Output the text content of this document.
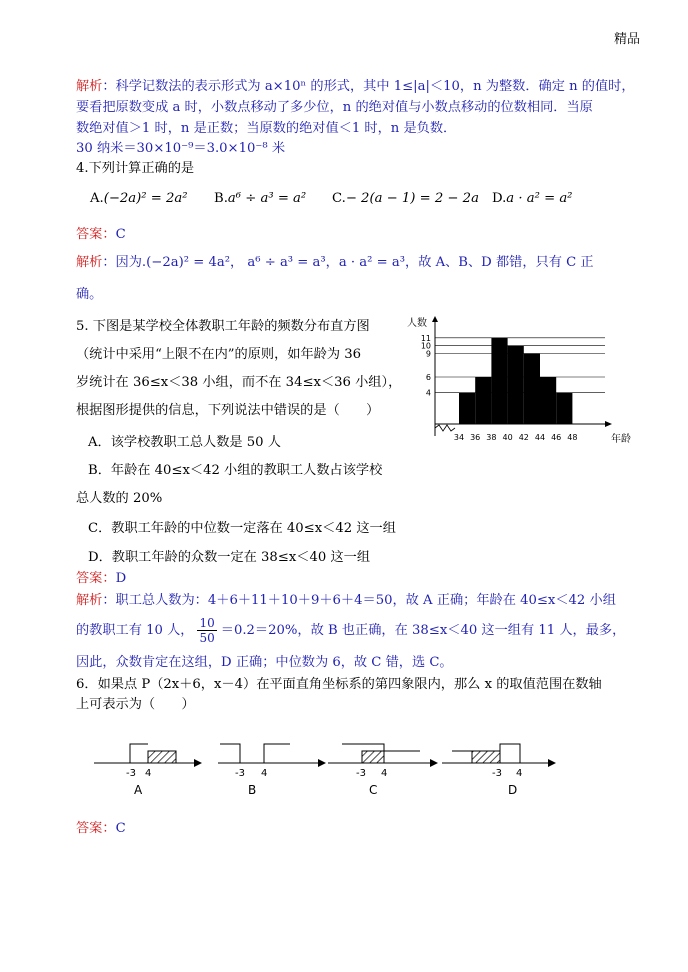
精品
解析：科学记数法的表示形式为 a×10ⁿ 的形式，其中 1≤|a|＜10，n 为整数．确定 n 的值时，
要看把原数变成 a 时，小数点移动了多少位，n 的绝对值与小数点移动的位数相同．当原
数绝对值＞1 时，n 是正数；当原数的绝对值＜1 时，n 是负数．
30 纳米＝30×10⁻⁹＝3.0×10⁻⁸ 米
4.下列计算正确的是
A.(−2a)² = 2a² B.a⁶ ÷ a³ = a² C.− 2(a − 1) = 2 − 2a D.a · a² = a²
答案：C
解析：因为.(−2a)² = 4a²， a⁶ ÷ a³ = a³，a · a² = a³，故 A、B、D 都错，只有 C 正
确。
5. 下图是某学校全体教职工年龄的频数分布直方图
（统计中采用“上限不在内”的原则，如年龄为 36
岁统计在 36≤x＜38 小组，而不在 34≤x＜36 小组），
根据图形提供的信息，下列说法中错误的是（　　）
A．该学校教职工总人数是 50 人
B．年龄在 40≤x＜42 小组的教职工人数占该学校
总人数的 20%
C．教职工年龄的中位数一定落在 40≤x＜42 这一组
D．教职工年龄的众数一定在 38≤x＜40 这一组
答案：D
解析：职工总人数为：4＋6＋11＋10＋9＋6＋4＝50，故 A 正确；年龄在 40≤x＜42 小组
的教职工有 10 人， $\frac{10}{50} =0.2=20\%$，故 B 也正确，在 38≤x＜40 这一组有 11 人，最多，
因此，众数肯定在这组，D 正确；中位数为 6，故 C 错，选 C。
4
6
9
10
11
34 36 38 40 42 44 46 48
人数
年龄
6．如果点 P（2x＋6，x－4）在平面直角坐标系的第四象限内，那么 x 的取值范围在数轴
上可表示为（　　）
-3 4
A
-3 4
B
-3 4
C
-3 4
D
答案：C
